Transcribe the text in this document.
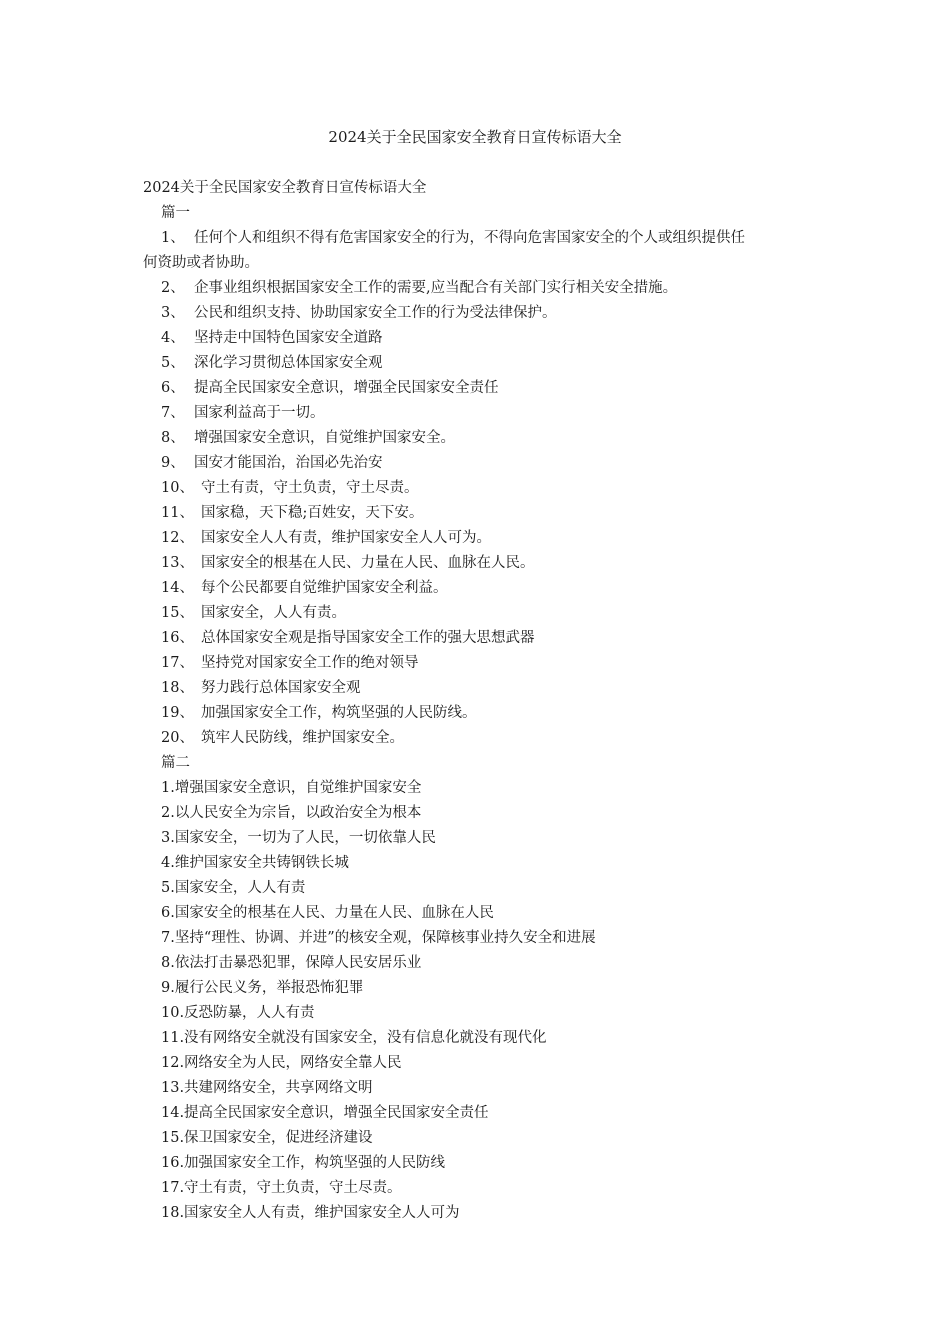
2024关于全民国家安全教育日宣传标语大全
2024关于全民国家安全教育日宣传标语大全
篇一
1、 任何个人和组织不得有危害国家安全的行为，不得向危害国家安全的个人或组织提供任
何资助或者协助。
2、 企事业组织根据国家安全工作的需要,应当配合有关部门实行相关安全措施。
3、 公民和组织支持、协助国家安全工作的行为受法律保护。
4、 坚持走中国特色国家安全道路
5、 深化学习贯彻总体国家安全观
6、 提高全民国家安全意识，增强全民国家安全责任
7、 国家利益高于一切。
8、 增强国家安全意识，自觉维护国家安全。
9、 国安才能国治，治国必先治安
10、 守土有责，守土负责，守土尽责。
11、 国家稳，天下稳;百姓安，天下安。
12、 国家安全人人有责，维护国家安全人人可为。
13、 国家安全的根基在人民、力量在人民、血脉在人民。
14、 每个公民都要自觉维护国家安全利益。
15、 国家安全，人人有责。
16、 总体国家安全观是指导国家安全工作的强大思想武器
17、 坚持党对国家安全工作的绝对领导
18、 努力践行总体国家安全观
19、 加强国家安全工作，构筑坚强的人民防线。
20、 筑牢人民防线，维护国家安全。
篇二
1.增强国家安全意识，自觉维护国家安全
2.以人民安全为宗旨，以政治安全为根本
3.国家安全，一切为了人民，一切依靠人民
4.维护国家安全共铸钢铁长城
5.国家安全，人人有责
6.国家安全的根基在人民、力量在人民、血脉在人民
7.坚持“理性、协调、并进”的核安全观，保障核事业持久安全和进展
8.依法打击暴恐犯罪，保障人民安居乐业
9.履行公民义务，举报恐怖犯罪
10.反恐防暴，人人有责
11.没有网络安全就没有国家安全，没有信息化就没有现代化
12.网络安全为人民，网络安全靠人民
13.共建网络安全，共享网络文明
14.提高全民国家安全意识，增强全民国家安全责任
15.保卫国家安全，促进经济建设
16.加强国家安全工作，构筑坚强的人民防线
17.守土有责，守土负责，守土尽责。
18.国家安全人人有责，维护国家安全人人可为
